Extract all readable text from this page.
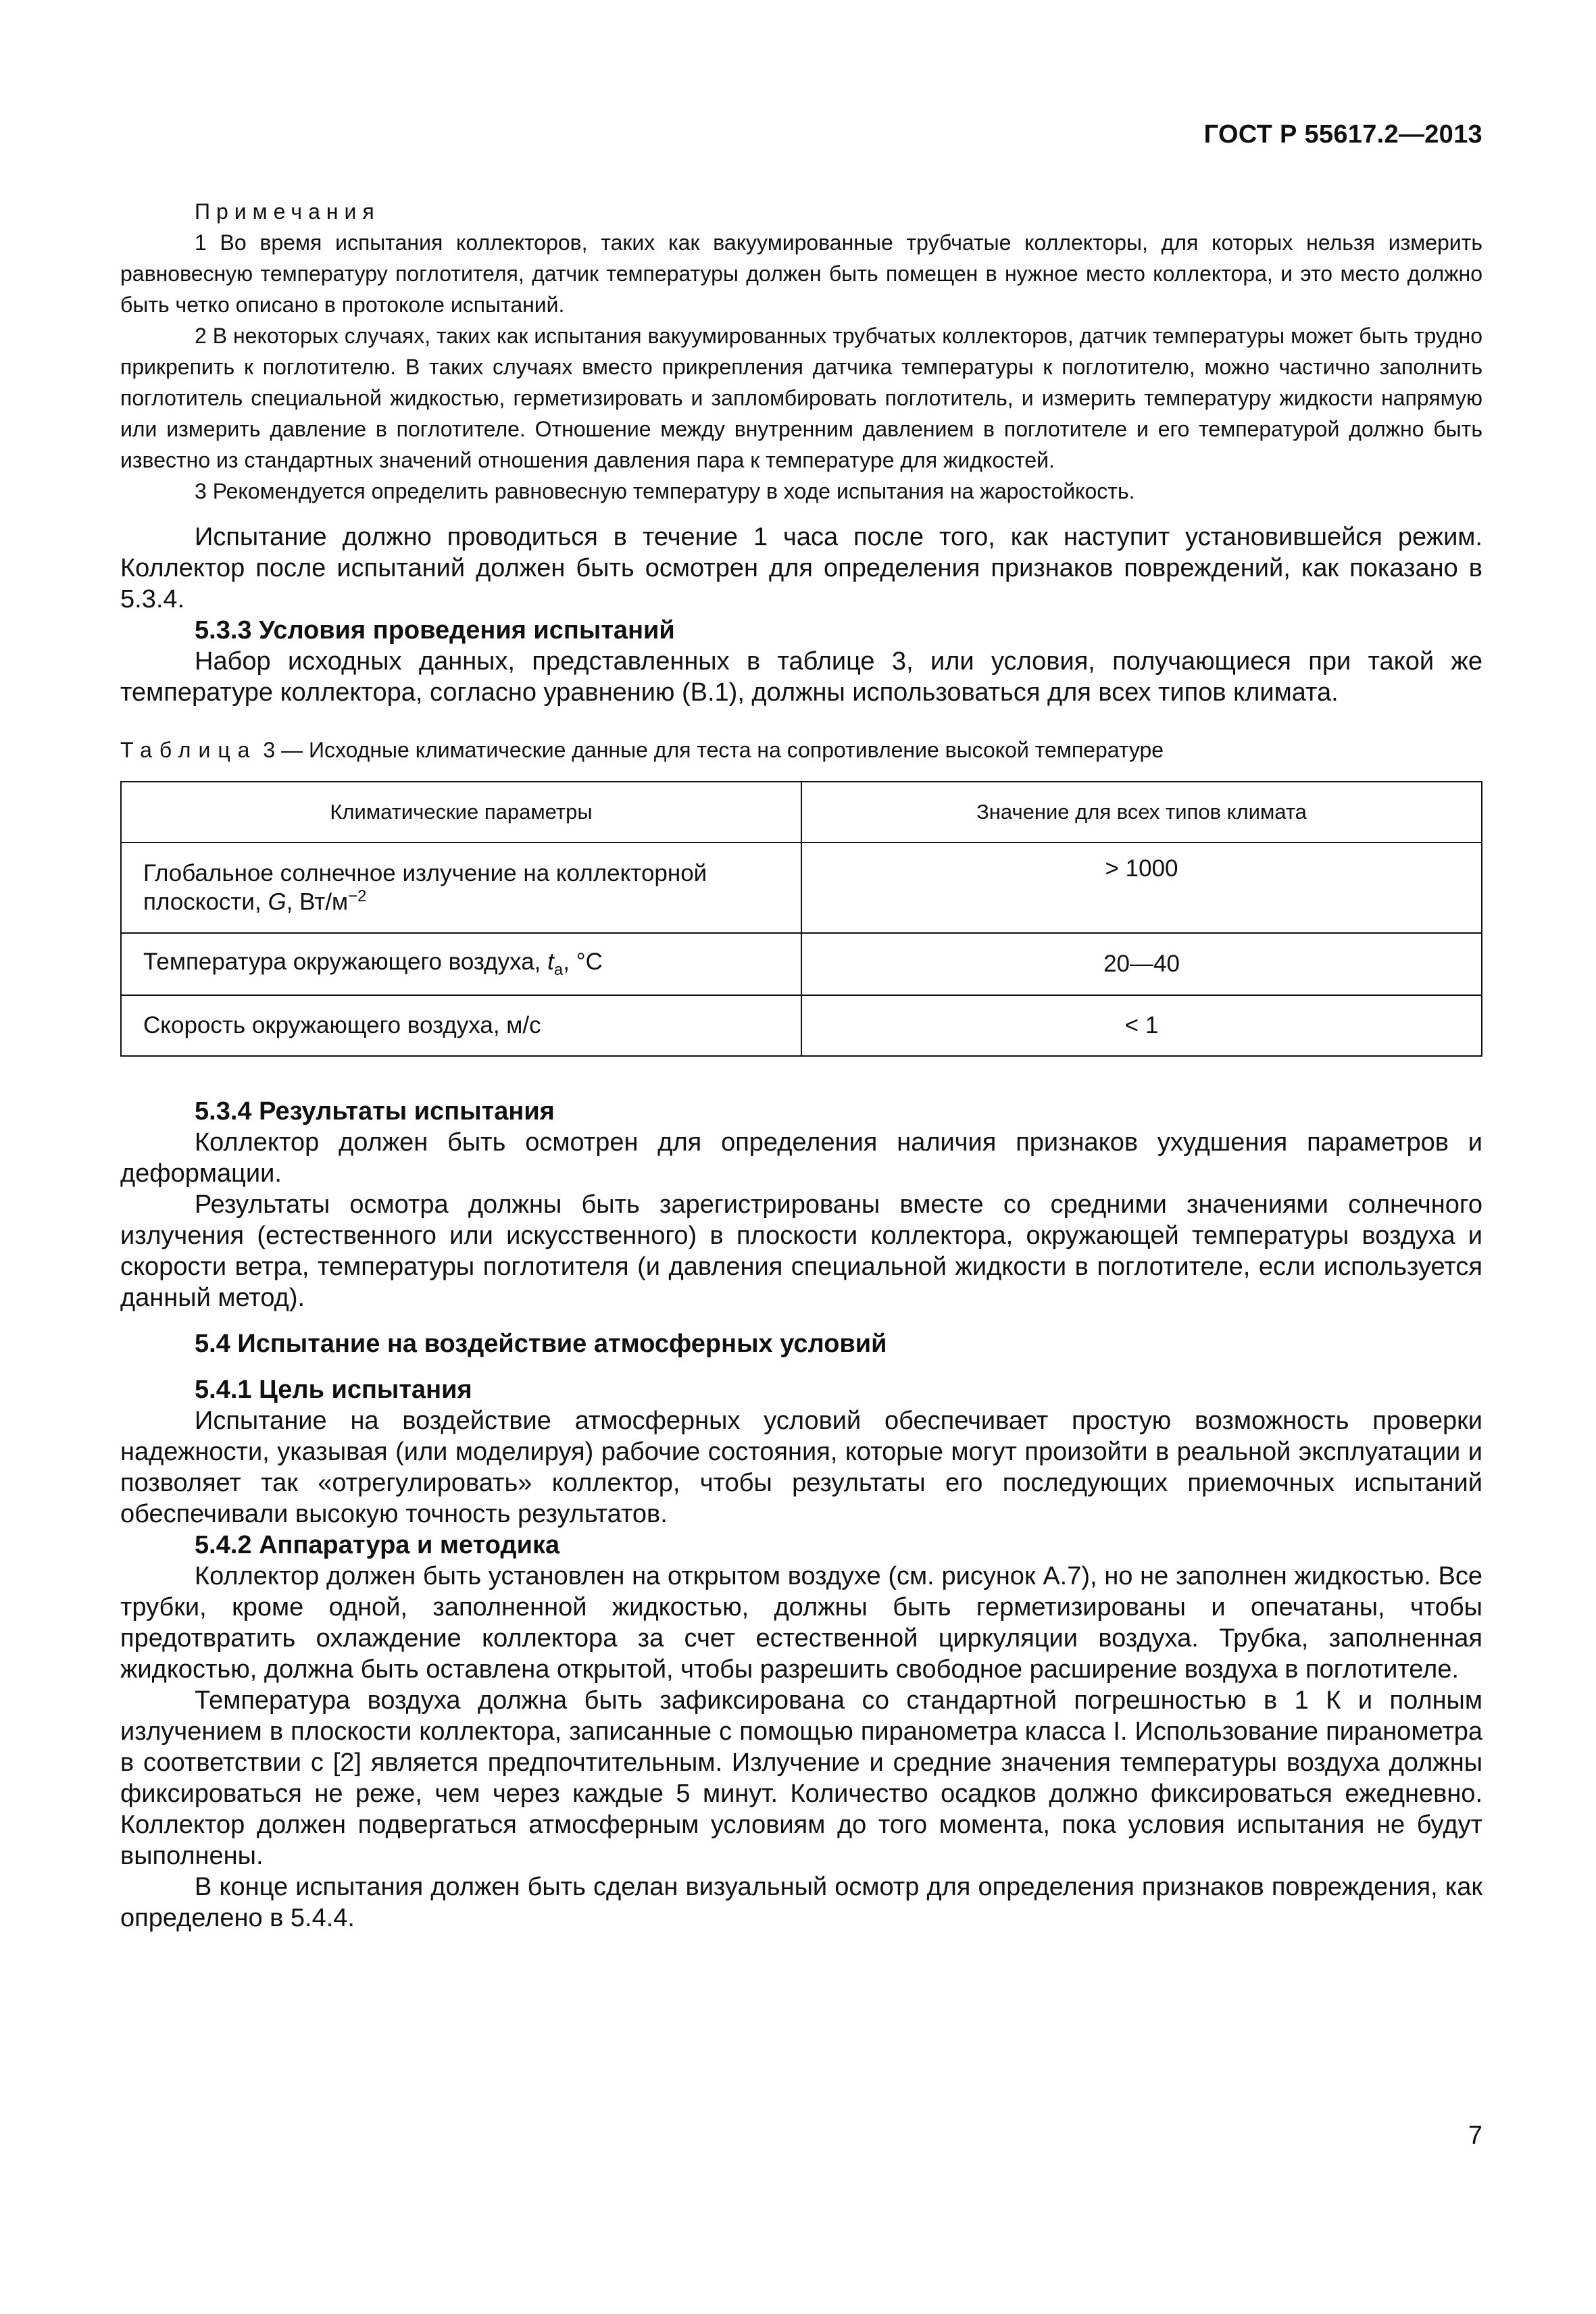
ГОСТ Р 55617.2—2013
Примечания

1 Во время испытания коллекторов, таких как вакуумированные трубчатые коллекторы, для которых нельзя измерить равновесную температуру поглотителя, датчик температуры должен быть помещен в нужное место коллектора, и это место должно быть четко описано в протоколе испытаний.

2 В некоторых случаях, таких как испытания вакуумированных трубчатых коллекторов, датчик температуры может быть трудно прикрепить к поглотителю. В таких случаях вместо прикрепления датчика температуры к поглотителю, можно частично заполнить поглотитель специальной жидкостью, герметизировать и запломбировать поглотитель, и измерить температуру жидкости напрямую или измерить давление в поглотителе. Отношение между внутренним давлением в поглотителе и его температурой должно быть известно из стандартных значений отношения давления пара к температуре для жидкостей.

3 Рекомендуется определить равновесную температуру в ходе испытания на жаростойкость.

Испытание должно проводиться в течение 1 часа после того, как наступит установившейся режим. Коллектор после испытаний должен быть осмотрен для определения признаков повреждений, как показано в 5.3.4.

5.3.3 Условия проведения испытаний

Набор исходных данных, представленных в таблице 3, или условия, получающиеся при такой же температуре коллектора, согласно уравнению (В.1), должны использоваться для всех типов климата.

Таблица 3 — Исходные климатические данные для теста на сопротивление высокой температуре

Климатические параметры	Значение для всех типов климата
Глобальное солнечное излучение на коллекторной плоскости, G, $Вт/м^{-2}$	> 1000
Температура окружающего воздуха, $t_a$, °С	20—40
Скорость окружающего воздуха, м/с	< 1

5.3.4 Результаты испытания

Коллектор должен быть осмотрен для определения наличия признаков ухудшения параметров и деформации.

Результаты осмотра должны быть зарегистрированы вместе со средними значениями солнечного излучения (естественного или искусственного) в плоскости коллектора, окружающей температуры воздуха и скорости ветра, температуры поглотителя (и давления специальной жидкости в поглотителе, если используется данный метод).

5.4 Испытание на воздействие атмосферных условий

5.4.1 Цель испытания

Испытание на воздействие атмосферных условий обеспечивает простую возможность проверки надежности, указывая (или моделируя) рабочие состояния, которые могут произойти в реальной эксплуатации и позволяет так «отрегулировать» коллектор, чтобы результаты его последующих приемочных испытаний обеспечивали высокую точность результатов.

5.4.2 Аппаратура и методика

Коллектор должен быть установлен на открытом воздухе (см. рисунок А.7), но не заполнен жидкостью. Все трубки, кроме одной, заполненной жидкостью, должны быть герметизированы и опечатаны, чтобы предотвратить охлаждение коллектора за счет естественной циркуляции воздуха. Трубка, заполненная жидкостью, должна быть оставлена открытой, чтобы разрешить свободное расширение воздуха в поглотителе.

Температура воздуха должна быть зафиксирована со стандартной погрешностью в 1 К и полным излучением в плоскости коллектора, записанные с помощью пиранометра класса I. Использование пиранометра в соответствии с [2] является предпочтительным. Излучение и средние значения температуры воздуха должны фиксироваться не реже, чем через каждые 5 минут. Количество осадков должно фиксироваться ежедневно. Коллектор должен подвергаться атмосферным условиям до того момента, пока условия испытания не будут выполнены.

В конце испытания должен быть сделан визуальный осмотр для определения признаков повреждения, как определено в 5.4.4.

7
